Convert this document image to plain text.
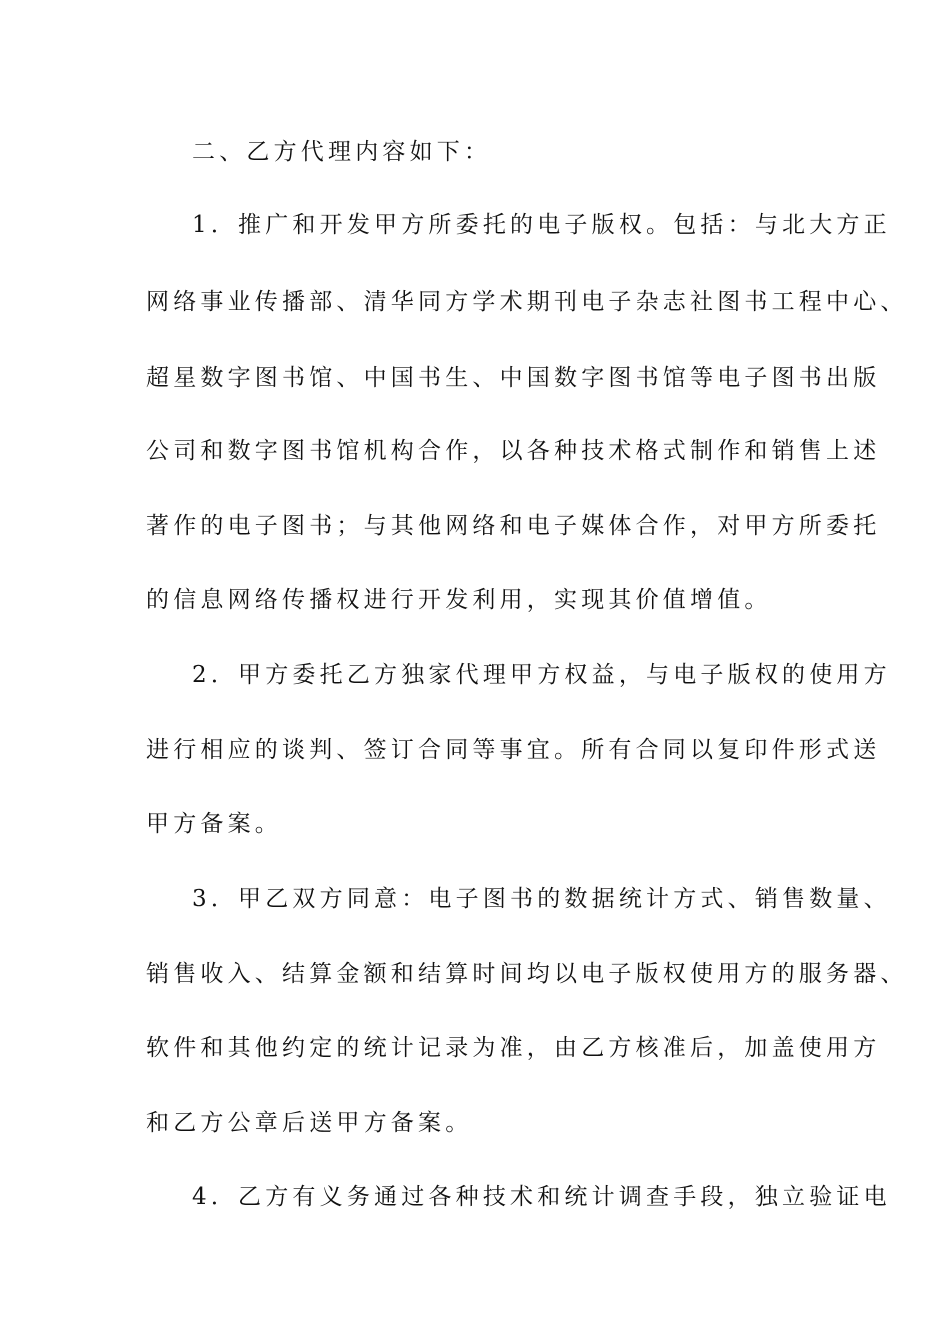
二、乙方代理内容如下：
1．推广和开发甲方所委托的电子版权。包括：与北大方正
网络事业传播部、清华同方学术期刊电子杂志社图书工程中心、
超星数字图书馆、中国书生、中国数字图书馆等电子图书出版
公司和数字图书馆机构合作，以各种技术格式制作和销售上述
著作的电子图书；与其他网络和电子媒体合作，对甲方所委托
的信息网络传播权进行开发利用，实现其价值增值。
2．甲方委托乙方独家代理甲方权益，与电子版权的使用方
进行相应的谈判、签订合同等事宜。所有合同以复印件形式送
甲方备案。
3．甲乙双方同意：电子图书的数据统计方式、销售数量、
销售收入、结算金额和结算时间均以电子版权使用方的服务器、
软件和其他约定的统计记录为准，由乙方核准后，加盖使用方
和乙方公章后送甲方备案。
4．乙方有义务通过各种技术和统计调查手段，独立验证电
